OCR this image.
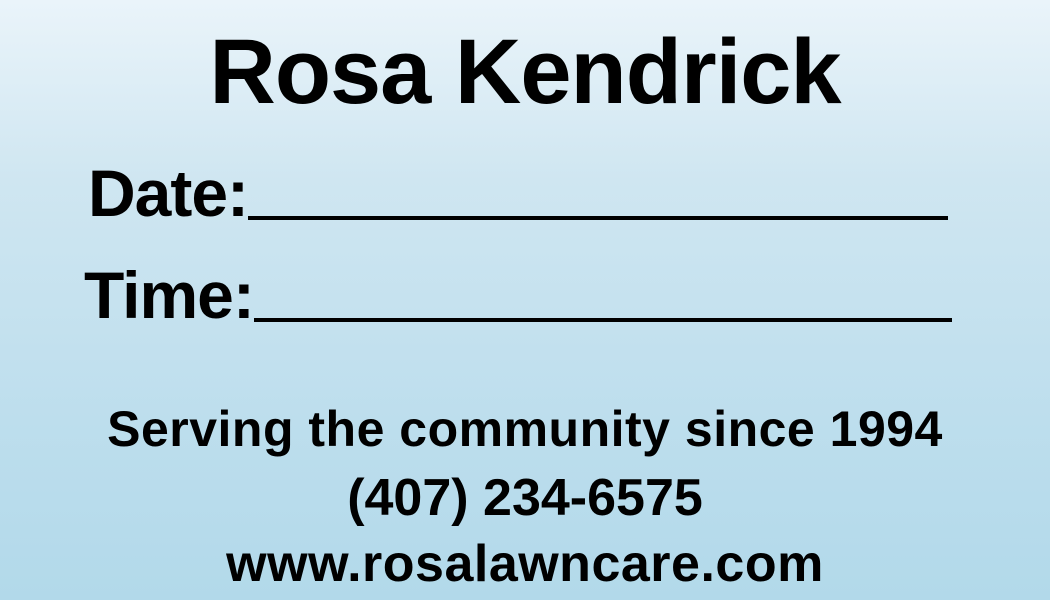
Rosa Kendrick
Date:
Time:
Serving the community since 1994
(407) 234-6575
www.rosalawncare.com
